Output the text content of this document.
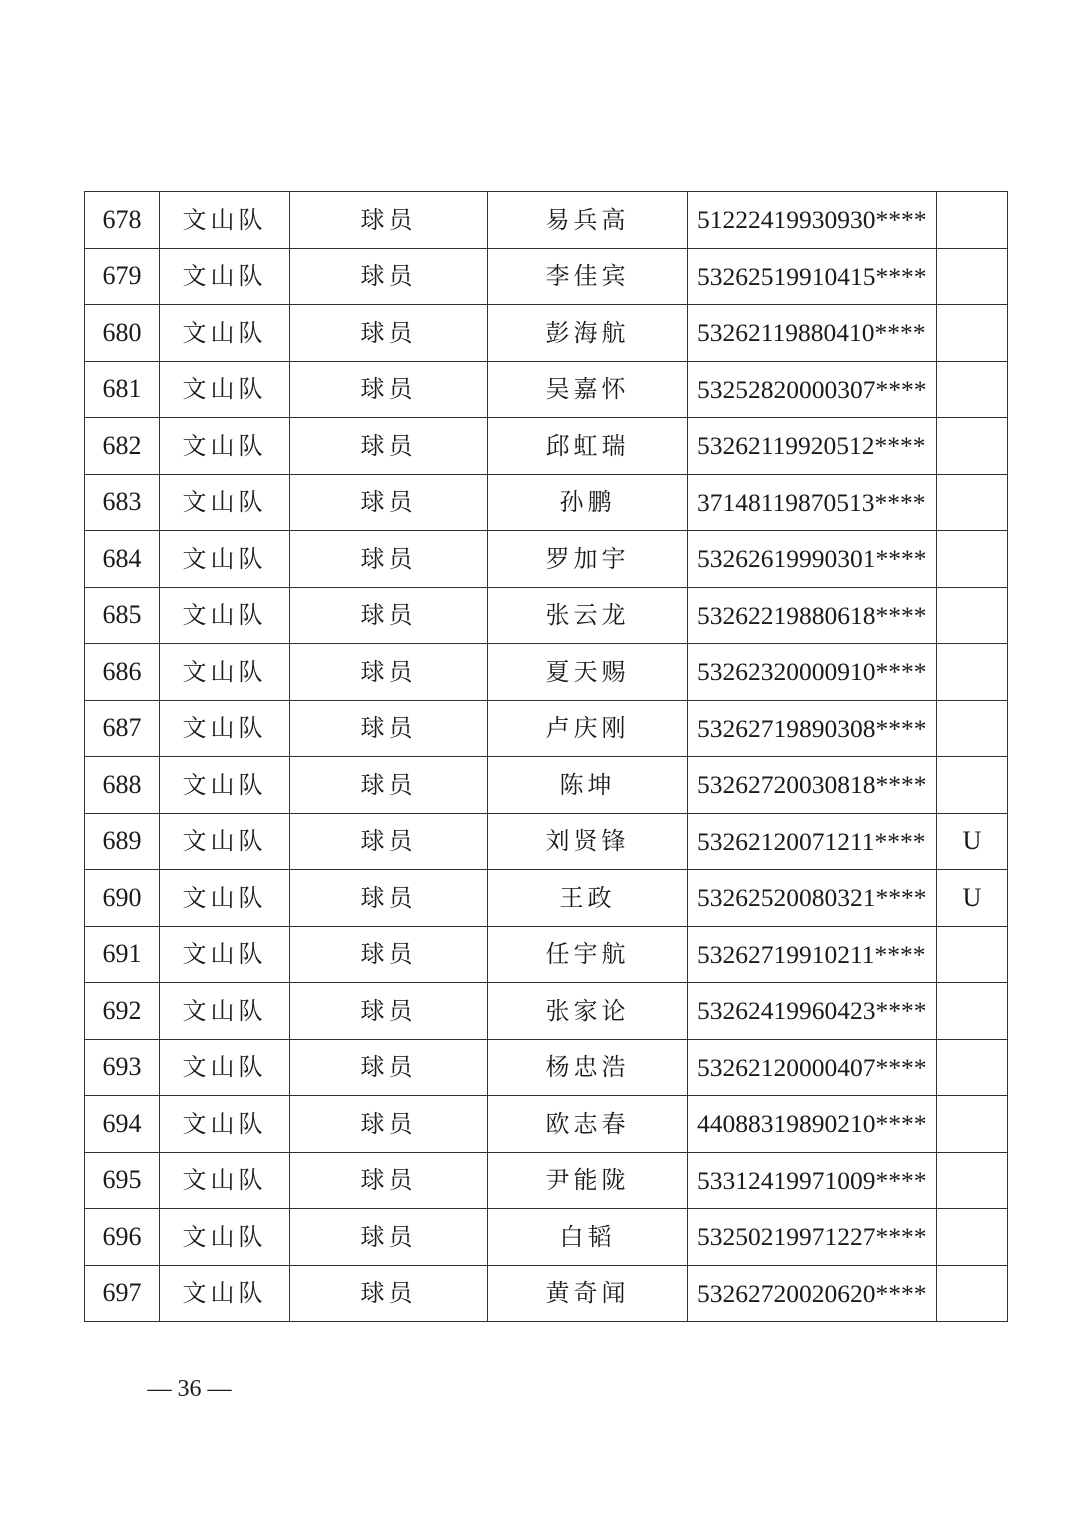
678	文山队	球员	易兵高	51222419930930****	
679	文山队	球员	李佳宾	53262519910415****	
680	文山队	球员	彭海航	53262119880410****	
681	文山队	球员	吴嘉怀	53252820000307****	
682	文山队	球员	邱虹瑞	53262119920512****	
683	文山队	球员	孙鹏	37148119870513****	
684	文山队	球员	罗加宇	53262619990301****	
685	文山队	球员	张云龙	53262219880618****	
686	文山队	球员	夏天赐	53262320000910****	
687	文山队	球员	卢庆刚	53262719890308****	
688	文山队	球员	陈坤	53262720030818****	
689	文山队	球员	刘贤锋	53262120071211****	U
690	文山队	球员	王政	53262520080321****	U
691	文山队	球员	任宇航	53262719910211****	
692	文山队	球员	张家论	53262419960423****	
693	文山队	球员	杨忠浩	53262120000407****	
694	文山队	球员	欧志春	44088319890210****	
695	文山队	球员	尹能陇	53312419971009****	
696	文山队	球员	白韬	53250219971227****	
697	文山队	球员	黄奇闻	53262720020620****	
— 36 —
